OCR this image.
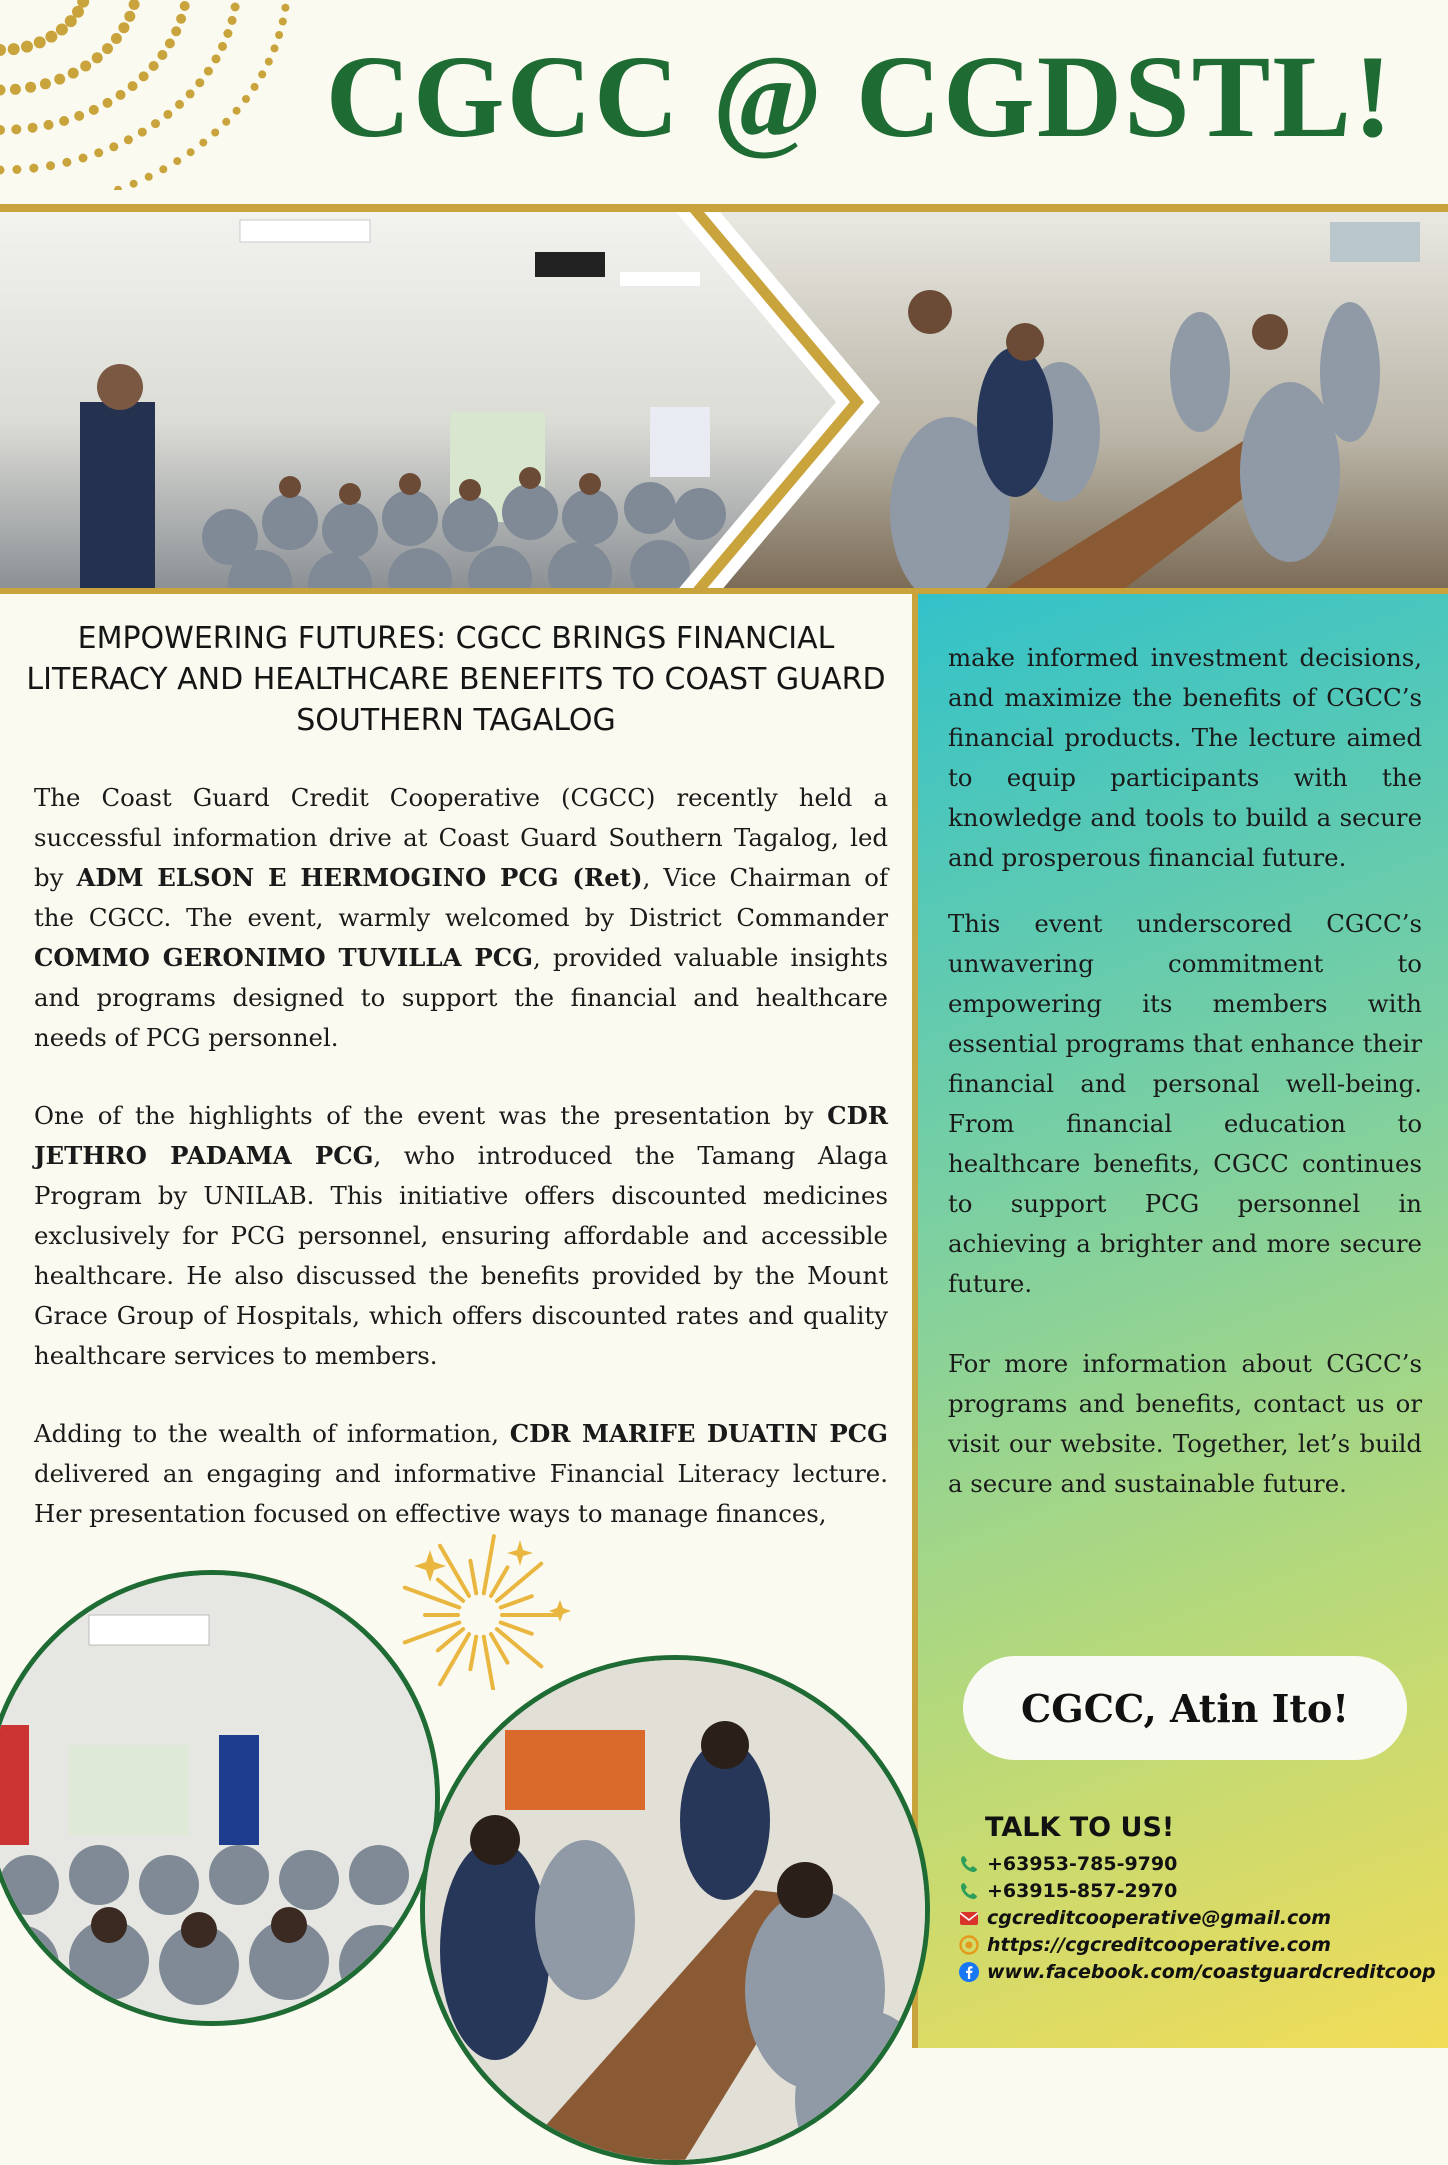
CGCC @ CGDSTL!
EMPOWERING FUTURES: CGCC BRINGS FINANCIAL LITERACY AND HEALTHCARE BENEFITS TO COAST GUARD SOUTHERN TAGALOG

The Coast Guard Credit Cooperative (CGCC) recently held a successful information drive at Coast Guard Southern Tagalog, led by ADM ELSON E HERMOGINO PCG (Ret), Vice Chairman of the CGCC. The event, warmly welcomed by District Commander COMMO GERONIMO TUVILLA PCG, provided valuable insights and programs designed to support the financial and healthcare needs of PCG personnel.

One of the highlights of the event was the presentation by CDR JETHRO PADAMA PCG, who introduced the Tamang Alaga Program by UNILAB. This initiative offers discounted medicines exclusively for PCG personnel, ensuring affordable and accessible healthcare. He also discussed the benefits provided by the Mount Grace Group of Hospitals, which offers discounted rates and quality healthcare services to members.

Adding to the wealth of information, CDR MARIFE DUATIN PCG delivered an engaging and informative Financial Literacy lecture. Her presentation focused on effective ways to manage finances,

make informed investment decisions, and maximize the benefits of CGCC’s financial products. The lecture aimed to equip participants with the knowledge and tools to build a secure and prosperous financial future.

This event underscored CGCC’s unwavering commitment to empowering its members with essential programs that enhance their financial and personal well-being. From financial education to healthcare benefits, CGCC continues to support PCG personnel in achieving a brighter and more secure future.

For more information about CGCC’s programs and benefits, contact us or visit our website. Together, let’s build a secure and sustainable future.

CGCC, Atin Ito!
TALK TO US!
+63953-785-9790
+63915-857-2970
cgcreditcooperative@gmail.com
https://cgcreditcooperative.com
www.facebook.com/coastguardcreditcoop
